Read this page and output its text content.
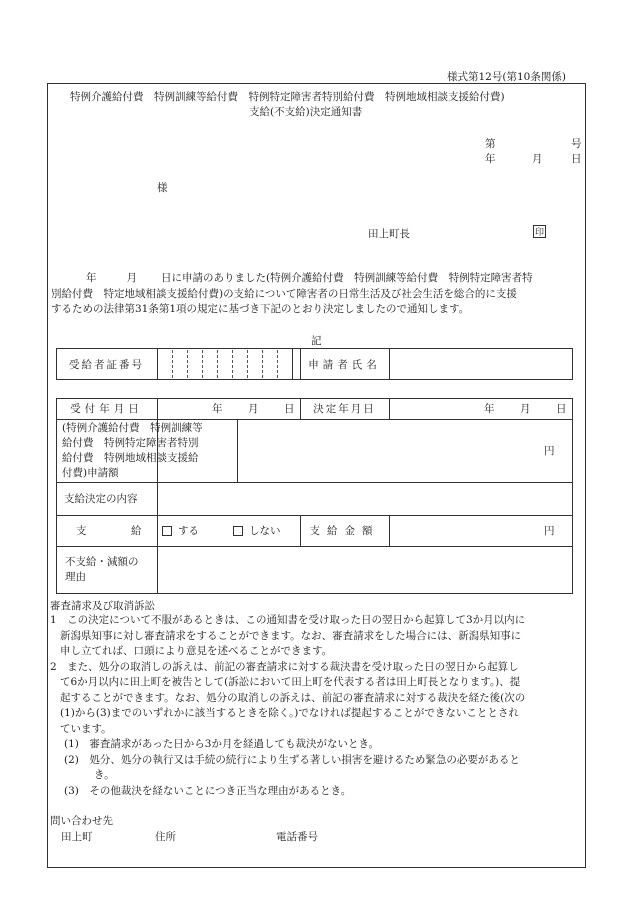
様式第12号(第10条関係)
特例介護給付費　特例訓練等給付費　特例特定障害者特別給付費　特例地域相談支援給付費)
支給(不支給)決定通知書
第	号
年	月	日
様
田上町長	印
年	月 日に申請のありました(特例介護給付費　特例訓練等給付費　特例特定障害者特
別給付費　特定地域相談支援給付費)の支給について障害者の日常生活及び社会生活を総合的に支援
するための法律第31条第1項の規定に基づき下記のとおり決定しましたので通知します。
記
受給者証番号	申請者氏名
受付年月日	年 月 日	決定年月日	年 月 日
(特例介護給付費　特例訓練等
給付費　特例特定障害者特別
給付費　特例地域相談支援給
付費)申請額
円
支給決定の内容
支	給	する	しない	支給金額	円
不支給・減額の
理由
審査請求及び取消訴訟
1　この決定について不服があるときは、この通知書を受け取った日の翌日から起算して3か月以内に
新潟県知事に対し審査請求をすることができます。なお、審査請求をした場合には、新潟県知事に
申し立てれば、口頭により意見を述べることができます。
2　また、処分の取消しの訴えは、前記の審査請求に対する裁決書を受け取った日の翌日から起算し
て6か月以内に田上町を被告として(訴訟において田上町を代表する者は田上町長となります。)、提
起することができます。なお、処分の取消しの訴えは、前記の審査請求に対する裁決を経た後(次の
(1)から(3)までのいずれかに該当するときを除く。)でなければ提起することができないこととされ
ています。
(1)　審査請求があった日から3か月を経過しても裁決がないとき。
(2)　処分、処分の執行又は手続の続行により生ずる著しい損害を避けるため緊急の必要があると
き。
(3)　その他裁決を経ないことにつき正当な理由があるとき。
問い合わせ先
田上町	住所	電話番号
